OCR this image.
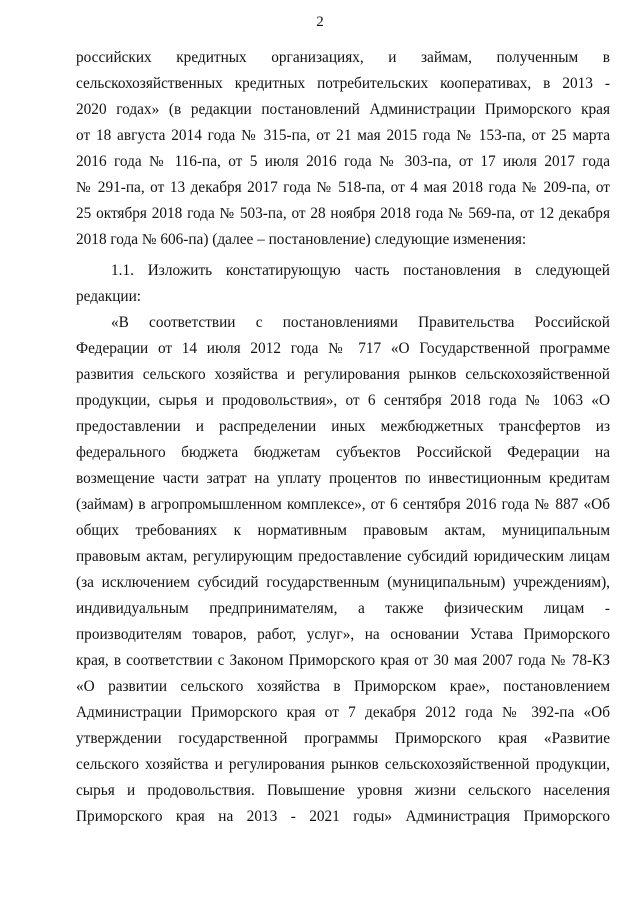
2
российских кредитных организациях, и займам, полученным в
сельскохозяйственных кредитных потребительских кооперативах, в 2013 -
2020 годах» (в редакции постановлений Администрации Приморского края
от 18 августа 2014 года № 315-па, от 21 мая 2015 года № 153-па, от 25 марта
2016 года № 116-па, от 5 июля 2016 года № 303-па, от 17 июля 2017 года
№ 291-па, от 13 декабря 2017 года № 518-па, от 4 мая 2018 года № 209-па, от
25 октября 2018 года № 503-па, от 28 ноября 2018 года № 569-па, от 12 декабря
2018 года № 606-па) (далее – постановление) следующие изменения:
1.1. Изложить констатирующую часть постановления в следующей
редакции:
«В соответствии с постановлениями Правительства Российской
Федерации от 14 июля 2012 года № 717 «О Государственной программе
развития сельского хозяйства и регулирования рынков сельскохозяйственной
продукции, сырья и продовольствия», от 6 сентября 2018 года № 1063 «О
предоставлении и распределении иных межбюджетных трансфертов из
федерального бюджета бюджетам субъектов Российской Федерации на
возмещение части затрат на уплату процентов по инвестиционным кредитам
(займам) в агропромышленном комплексе», от 6 сентября 2016 года № 887 «Об
общих требованиях к нормативным правовым актам, муниципальным
правовым актам, регулирующим предоставление субсидий юридическим лицам
(за исключением субсидий государственным (муниципальным) учреждениям),
индивидуальным предпринимателям, а также физическим лицам -
производителям товаров, работ, услуг», на основании Устава Приморского
края, в соответствии с Законом Приморского края от 30 мая 2007 года № 78-КЗ
«О развитии сельского хозяйства в Приморском крае», постановлением
Администрации Приморского края от 7 декабря 2012 года № 392-па «Об
утверждении государственной программы Приморского края «Развитие
сельского хозяйства и регулирования рынков сельскохозяйственной продукции,
сырья и продовольствия. Повышение уровня жизни сельского населения
Приморского края на 2013 - 2021 годы» Администрация Приморского
